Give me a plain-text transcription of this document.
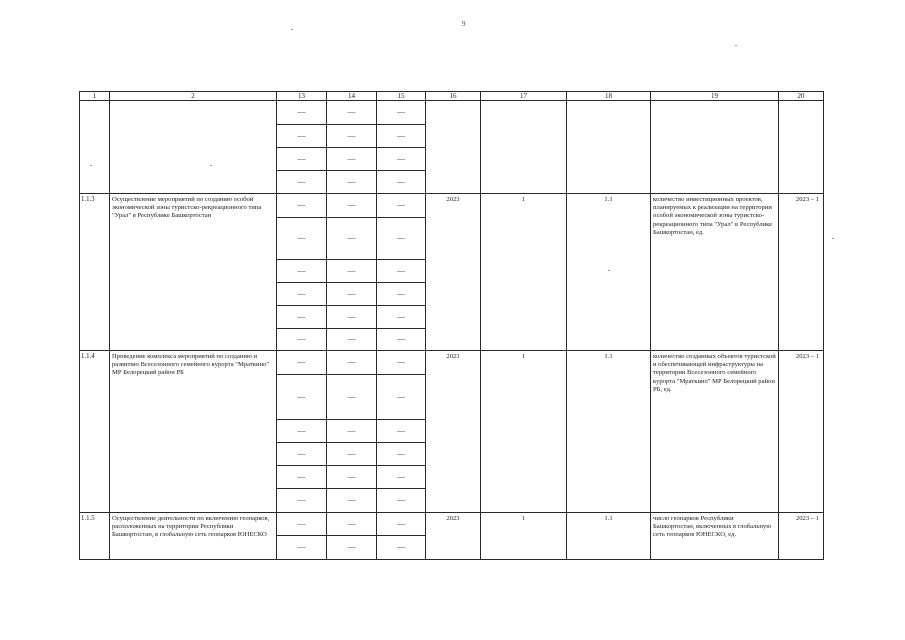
9
1	2	13	14	15	16	17	18	19	20
		—	—	—					
		—	—	—					
		—	—	—					
		—	—	—					
1.1.3	Осуществление мероприятий по созданию особой экономической зоны туристско-рекреационного типа "Урал" в Республике Башкортостан	—	—	—	2023	1	1.1	количество инвестиционных проектов, планируемых к реализации на территории особой экономической зоны туристско-рекреационного типа "Урал" в Республике Башкортостан, ед.	2023 – 1
		—	—	—					
		—	—	—					
		—	—	—					
		—	—	—					
		—	—	—					
1.1.4	Проведение комплекса мероприятий по созданию и развитию Всесезонного семейного курорта "Мраткино" МР Белорецкий район РБ	—	—	—	2023	1	1.1	количество созданных объектов туристской и обеспечивающей инфраструктуры на территории Всесезонного семейного курорта "Мраткино" МР Белорецкий район РБ, ед.	2023 – 1
		—	—	—					
		—	—	—					
		—	—	—					
		—	—	—					
		—	—	—					
1.1.5	Осуществление деятельности по включению геопарков, расположенных на территории Республики Башкортостан, в глобальную сеть геопарков ЮНЕСКО	—	—	—	2023	1	1.1	число геопарков Республики Башкортостан, включенных в глобальную сеть геопарков ЮНЕСКО, ед.	2023 – 1
		—	—	—					
